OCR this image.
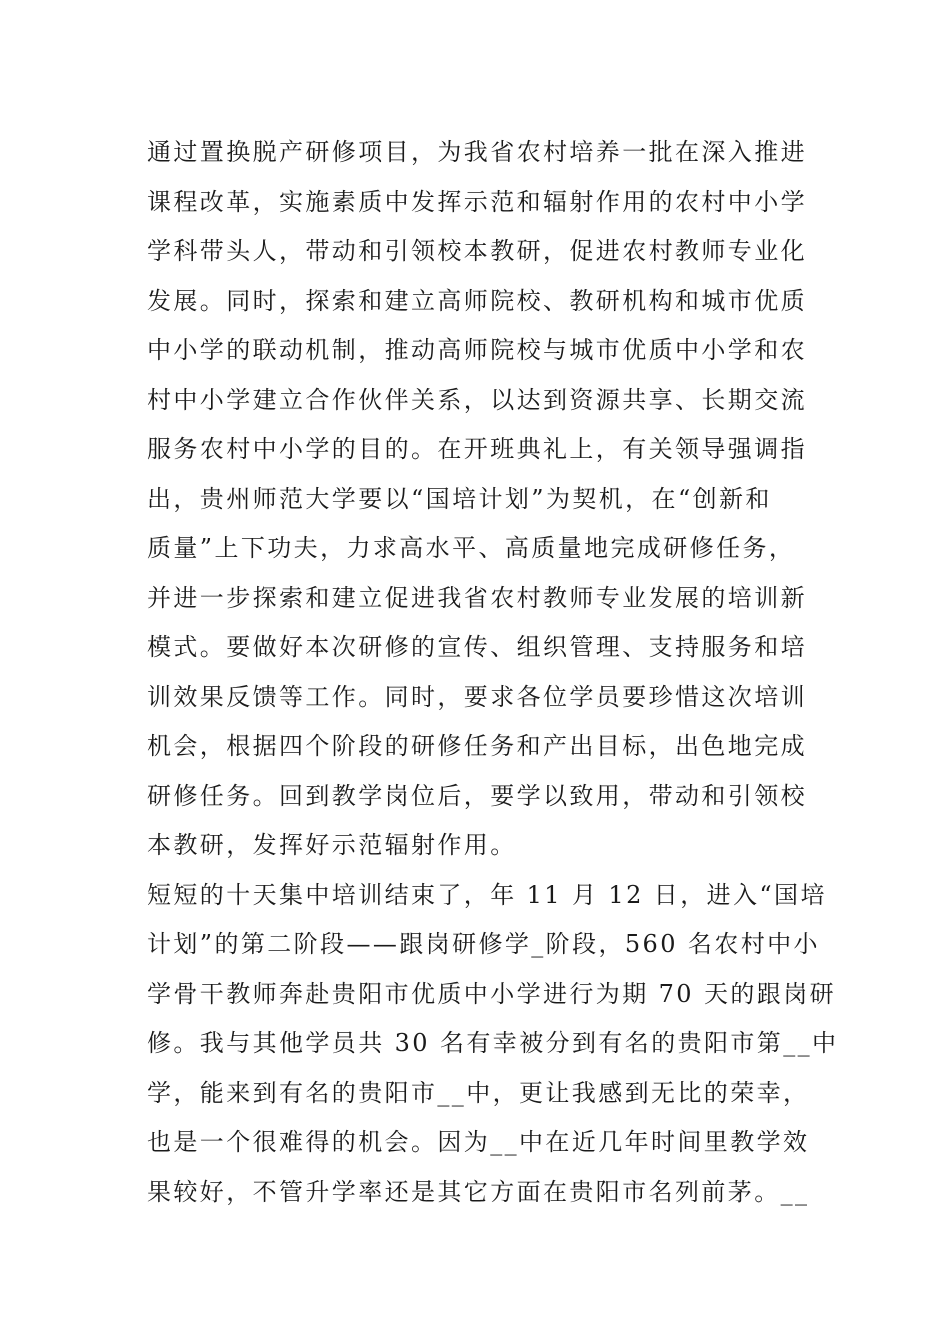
通过置换脱产研修项目，为我省农村培养一批在深入推进
课程改革，实施素质中发挥示范和辐射作用的农村中小学
学科带头人，带动和引领校本教研，促进农村教师专业化
发展。同时，探索和建立高师院校、教研机构和城市优质
中小学的联动机制，推动高师院校与城市优质中小学和农
村中小学建立合作伙伴关系，以达到资源共享、长期交流
服务农村中小学的目的。在开班典礼上，有关领导强调指
出，贵州师范大学要以“国培计划”为契机，在“创新和
质量”上下功夫，力求高水平、高质量地完成研修任务，
并进一步探索和建立促进我省农村教师专业发展的培训新
模式。要做好本次研修的宣传、组织管理、支持服务和培
训效果反馈等工作。同时，要求各位学员要珍惜这次培训
机会，根据四个阶段的研修任务和产出目标，出色地完成
研修任务。回到教学岗位后，要学以致用，带动和引领校
本教研，发挥好示范辐射作用。
短短的十天集中培训结束了，年 11 月 12 日，进入“国培
计划”的第二阶段——跟岗研修学_阶段，560 名农村中小
学骨干教师奔赴贵阳市优质中小学进行为期 70 天的跟岗研
修。我与其他学员共 30 名有幸被分到有名的贵阳市第__中
学，能来到有名的贵阳市__中，更让我感到无比的荣幸，
也是一个很难得的机会。因为__中在近几年时间里教学效
果较好，不管升学率还是其它方面在贵阳市名列前茅。__
